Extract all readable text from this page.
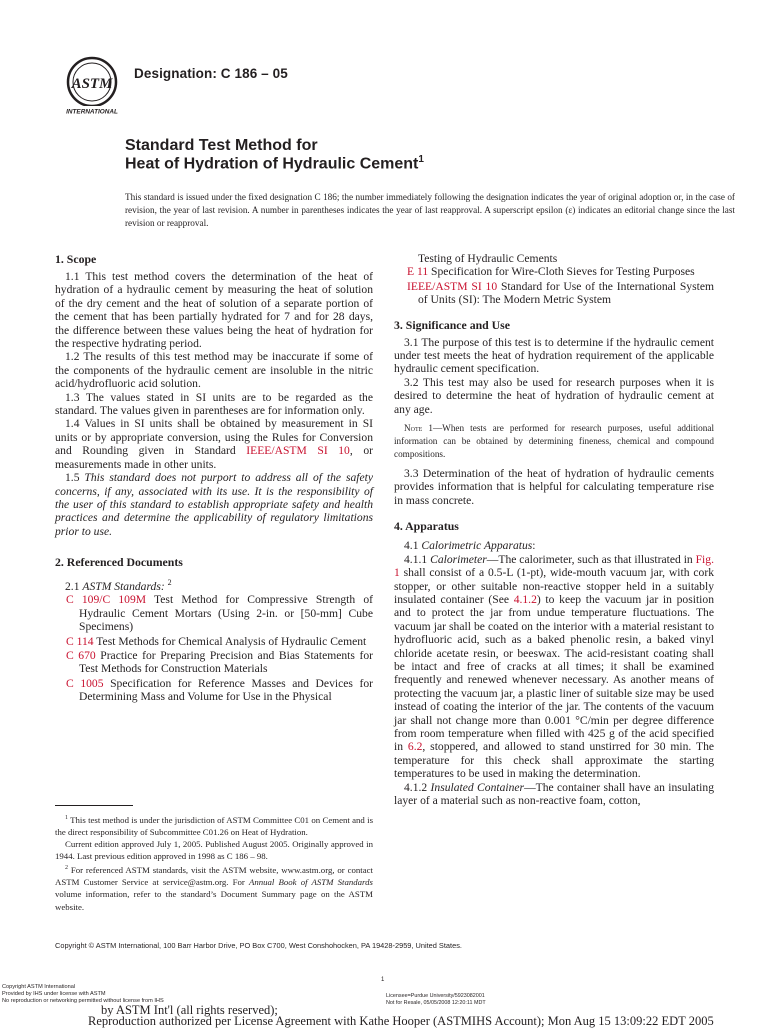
ASTM
INTERNATIONAL
Designation: C 186 – 05
Standard Test Method for
Heat of Hydration of Hydraulic Cement$^1$
This standard is issued under the fixed designation C 186; the number immediately following the designation indicates the year of original adoption or, in the case of revision, the year of last revision. A number in parentheses indicates the year of last reapproval. A superscript epsilon (ε) indicates an editorial change since the last revision or reapproval.
1. Scope

1.1 This test method covers the determination of the heat of hydration of a hydraulic cement by measuring the heat of solution of the dry cement and the heat of solution of a separate portion of the cement that has been partially hydrated for 7 and for 28 days, the difference between these values being the heat of hydration for the respective hydrating period.

1.2 The results of this test method may be inaccurate if some of the components of the hydraulic cement are insoluble in the nitric acid/hydrofluoric acid solution.

1.3 The values stated in SI units are to be regarded as the standard. The values given in parentheses are for information only.

1.4 Values in SI units shall be obtained by measurement in SI units or by appropriate conversion, using the Rules for Conversion and Rounding given in Standard IEEE/ASTM SI 10, or measurements made in other units.

1.5 This standard does not purport to address all of the safety concerns, if any, associated with its use. It is the responsibility of the user of this standard to establish appropriate safety and health practices and determine the applicability of regulatory limitations prior to use.

2. Referenced Documents

2.1 ASTM Standards: $^2$

C 109/C 109M Test Method for Compressive Strength of Hydraulic Cement Mortars (Using 2-in. or [50-mm] Cube Specimens)

C 114 Test Methods for Chemical Analysis of Hydraulic Cement

C 670 Practice for Preparing Precision and Bias Statements for Test Methods for Construction Materials

C 1005 Specification for Reference Masses and Devices for Determining Mass and Volume for Use in the Physical

$^1$ This test method is under the jurisdiction of ASTM Committee C01 on Cement and is the direct responsibility of Subcommittee C01.26 on Heat of Hydration.

Current edition approved July 1, 2005. Published August 2005. Originally approved in 1944. Last previous edition approved in 1998 as C 186 – 98.

$^2$ For referenced ASTM standards, visit the ASTM website, www.astm.org, or contact ASTM Customer Service at service@astm.org. For Annual Book of ASTM Standards volume information, refer to the standard’s Document Summary page on the ASTM website.

Testing of Hydraulic Cements

E 11 Specification for Wire-Cloth Sieves for Testing Purposes

IEEE/ASTM SI 10 Standard for Use of the International System of Units (SI): The Modern Metric System

3. Significance and Use

3.1 The purpose of this test is to determine if the hydraulic cement under test meets the heat of hydration requirement of the applicable hydraulic cement specification.

3.2 This test may also be used for research purposes when it is desired to determine the heat of hydration of hydraulic cement at any age.

Note 1—When tests are performed for research purposes, useful additional information can be obtained by determining fineness, chemical and compound compositions.

3.3 Determination of the heat of hydration of hydraulic cements provides information that is helpful for calculating temperature rise in mass concrete.

4. Apparatus

4.1 Calorimetric Apparatus:

4.1.1 Calorimeter—The calorimeter, such as that illustrated in Fig. 1 shall consist of a 0.5-L (1-pt), wide-mouth vacuum jar, with cork stopper, or other suitable non-reactive stopper held in a suitably insulated container (See 4.1.2) to keep the vacuum jar in position and to protect the jar from undue temperature fluctuations. The vacuum jar shall be coated on the interior with a material resistant to hydrofluoric acid, such as a baked phenolic resin, a baked vinyl chloride acetate resin, or beeswax. The acid-resistant coating shall be intact and free of cracks at all times; it shall be examined frequently and renewed whenever necessary. As another means of protecting the vacuum jar, a plastic liner of suitable size may be used instead of coating the interior of the jar. The contents of the vacuum jar shall not change more than 0.001 °C/min per degree difference from room temperature when filled with 425 g of the acid specified in 6.2, stoppered, and allowed to stand unstirred for 30 min. The temperature for this check shall approximate the starting temperatures to be used in making the determination.

4.1.2 Insulated Container—The container shall have an insulating layer of a material such as non-reactive foam, cotton,

Copyright © ASTM International, 100 Barr Harbor Drive, PO Box C700, West Conshohocken, PA 19428-2959, United States.
1
Copyright ASTM International
Provided by IHS under license with ASTM
No reproduction or networking permitted without license from IHS
Licensee=Purdue University/5923082001
Not for Resale, 05/05/2008 12:20:11 MDT
by ASTM Int'l (all rights reserved);
Reproduction authorized per License Agreement with Kathe Hooper (ASTMIHS Account); Mon Aug 15 13:09:22 EDT 2005
